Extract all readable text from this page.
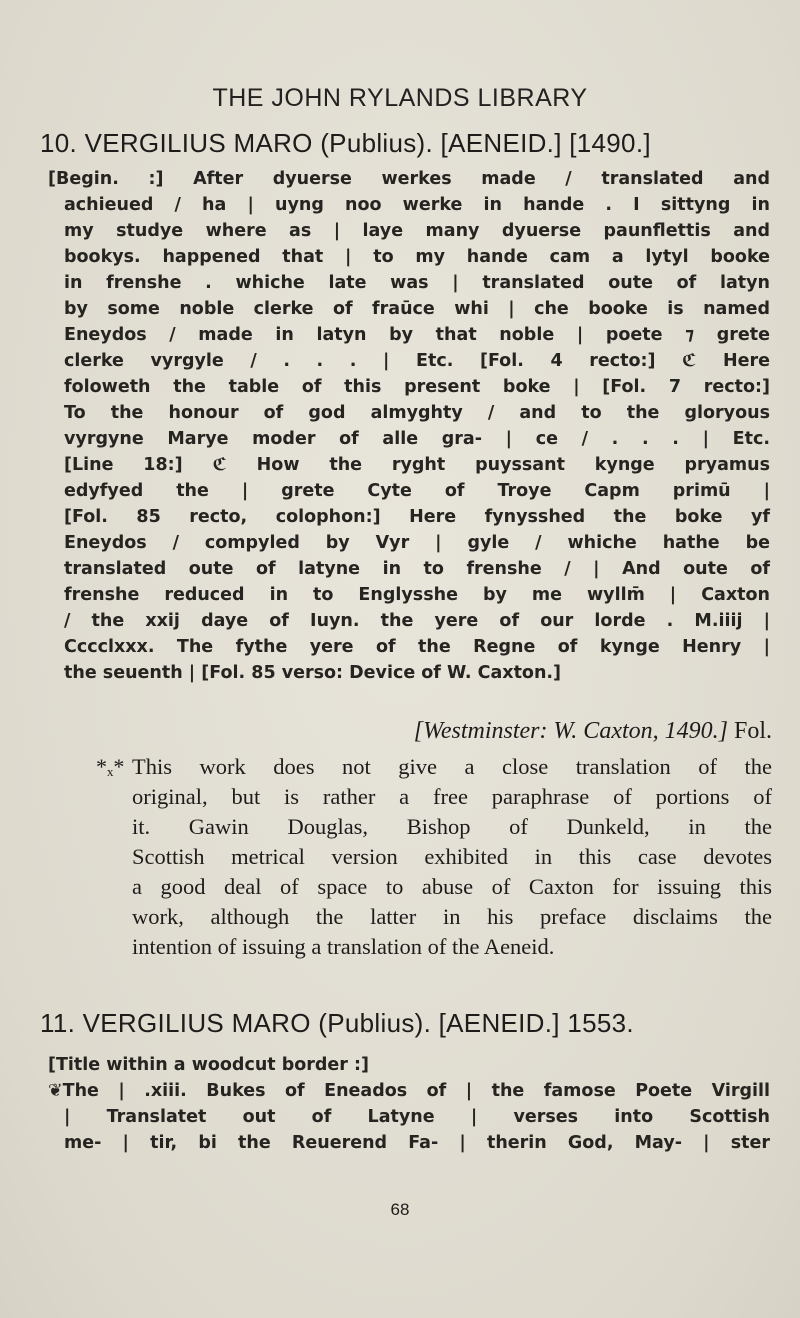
THE JOHN RYLANDS LIBRARY
10. VERGILIUS MARO (Publius). [AENEID.] [1490.]
[Begin. :] After dyuerse werkes made / translated and
achieued / ha | uyng noo werke in hande . I sittyng in
my studye where as | laye many dyuerse paunflettis and
bookys. happened that | to my hande cam a lytyl booke
in frenshe . whiche late was | translated oute of latyn
by some noble clerke of fraūce whi | che booke is named
Eneydos / made in latyn by that noble | poete ⁊ grete
clerke vyrgyle / . . . | Etc. [Fol. 4 recto:] ℭ Here
foloweth the table of this present boke | [Fol. 7 recto:]
To the honour of god almyghty / and to the gloryous
vyrgyne Marye moder of alle gra- | ce / . . . | Etc.
[Line 18:] ℭ How the ryght puyssant kynge pryamus
edyfyed the | grete Cyte of Troye Capm primū |
[Fol. 85 recto, colophon:] Here fynysshed the boke yf
Eneydos / compyled by Vyr | gyle / whiche hathe be
translated oute of latyne in to frenshe / | And oute of
frenshe reduced in to Englysshe by me wyllm̄ | Caxton
/ the xxij daye of Iuyn. the yere of our lorde . M.iiij |
Cccclxxx. The fythe yere of the Regne of kynge Henry |
the seuenth | [Fol. 85 verso: Device of W. Caxton.]
[Westminster: W. Caxton, 1490.] Fol.
*ₓ* This work does not give a close translation of the
original, but is rather a free paraphrase of portions of
it. Gawin Douglas, Bishop of Dunkeld, in the
Scottish metrical version exhibited in this case devotes
a good deal of space to abuse of Caxton for issuing this
work, although the latter in his preface disclaims the
intention of issuing a translation of the Aeneid.
11. VERGILIUS MARO (Publius). [AENEID.] 1553.
[Title within a woodcut border :]
❦The | .xiii. Bukes of Eneados of | the famose Poete Virgill
| Translatet out of Latyne | verses into Scottish
me- | tir, bi the Reuerend Fa- | therin God, May- | ster
68
